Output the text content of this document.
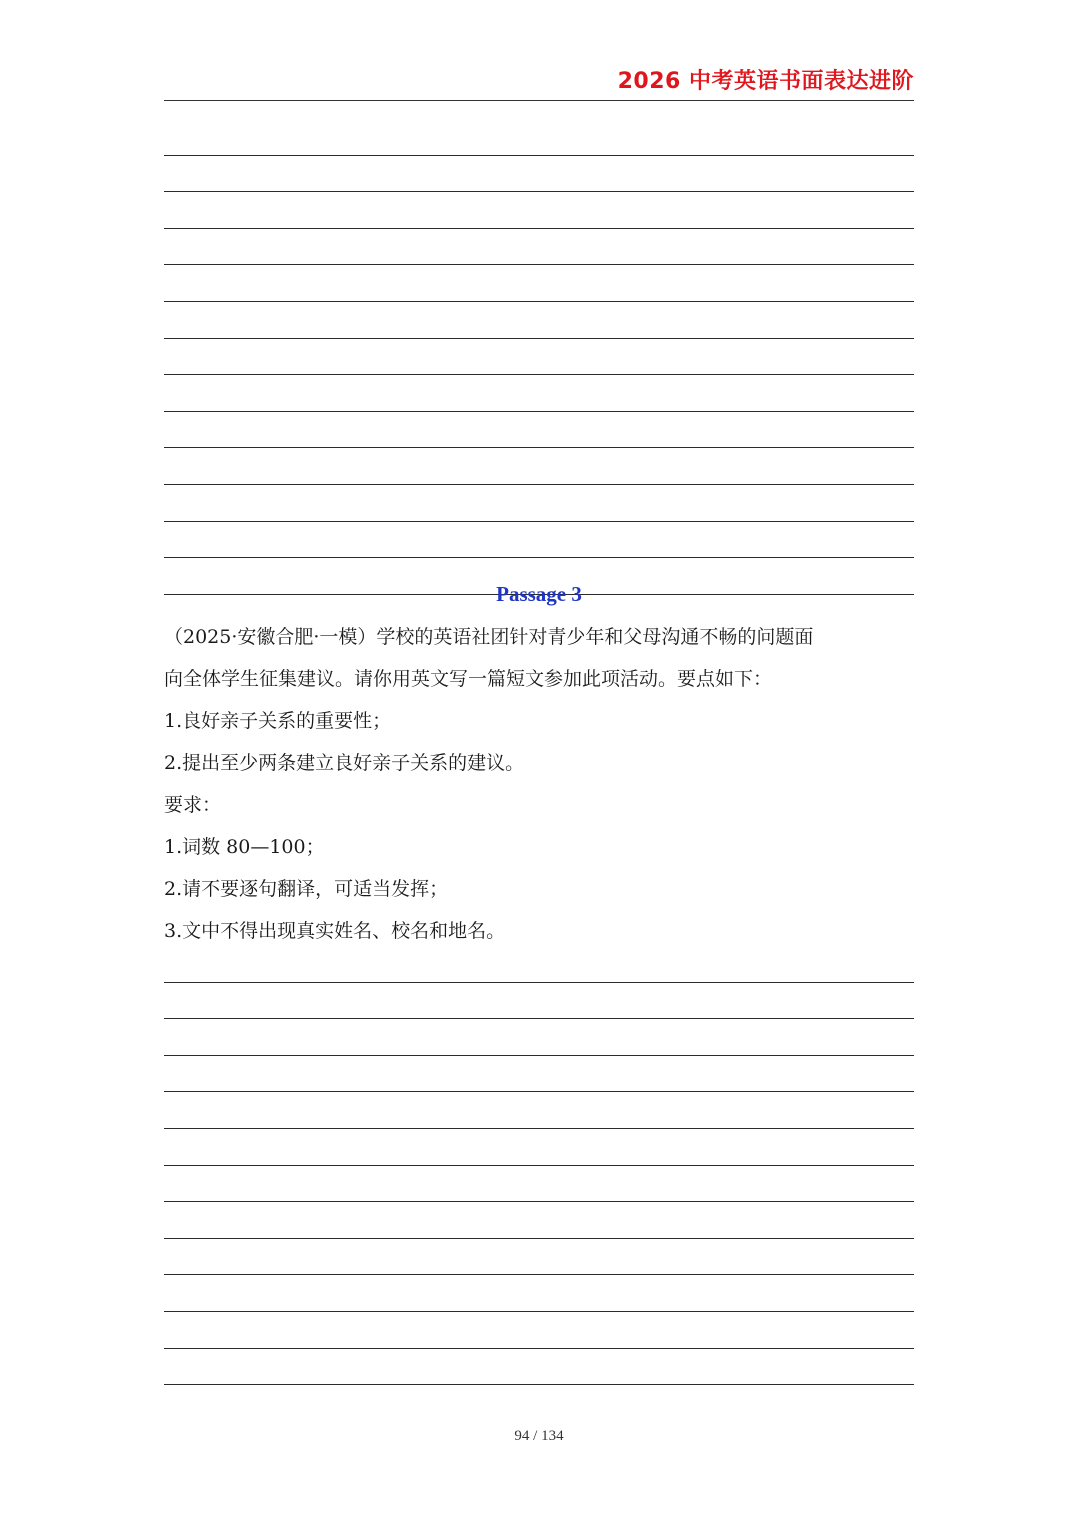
2026 中考英语书面表达进阶
Passage 3

（2025·安徽合肥·一模）学校的英语社团针对青少年和父母沟通不畅的问题面

向全体学生征集建议。请你用英文写一篇短文参加此项活动。要点如下：

1.良好亲子关系的重要性；

2.提出至少两条建立良好亲子关系的建议。

要求：

1.词数 80—100；

2.请不要逐句翻译，可适当发挥；

3.文中不得出现真实姓名、校名和地名。

94 / 134
